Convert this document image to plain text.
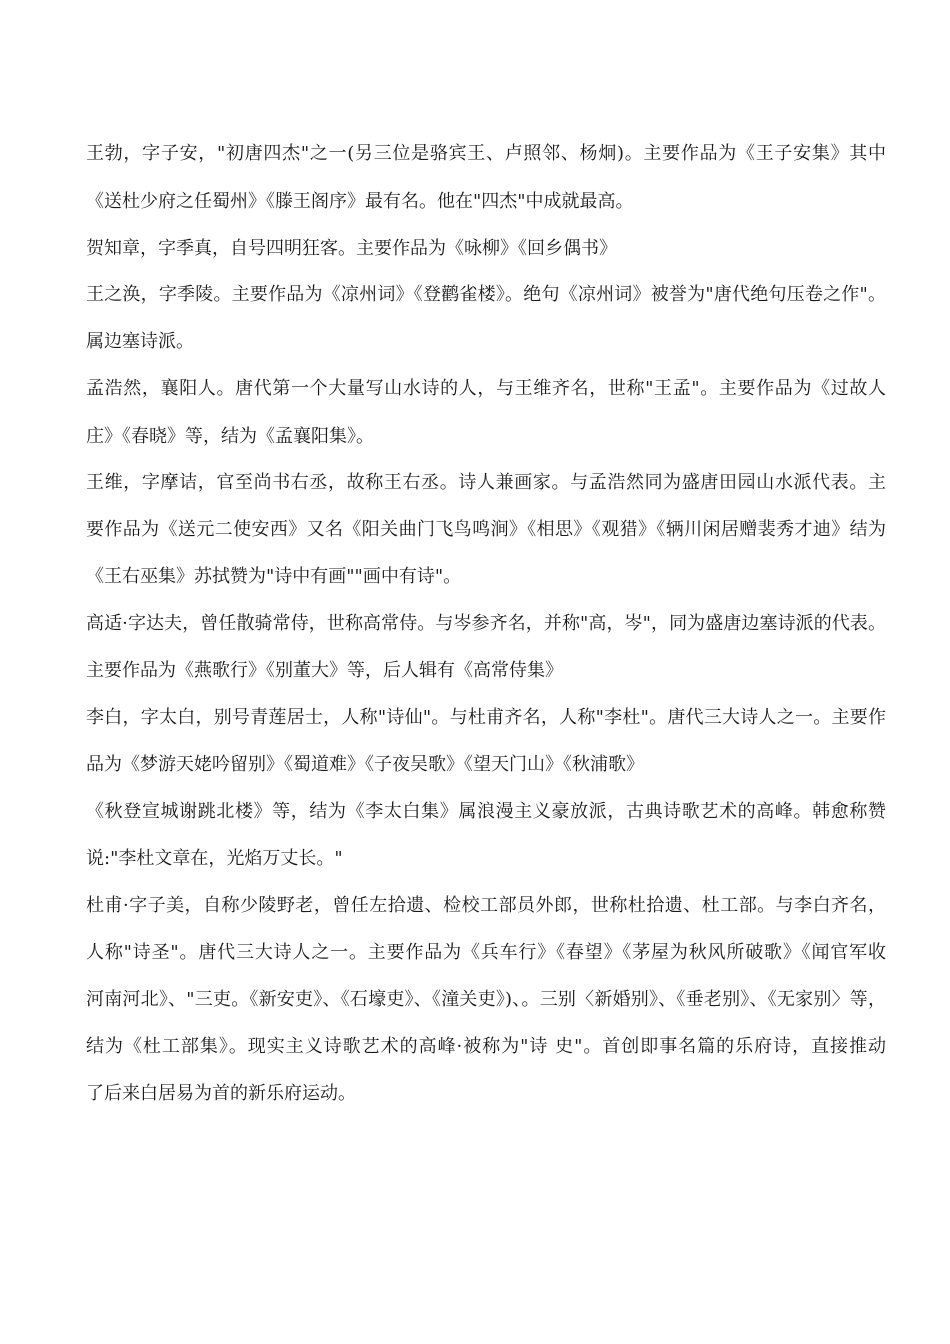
王勃，字子安，"初唐四杰"之一(另三位是骆宾王、卢照邻、杨炯)。主要作品为《王子安集》其中
《送杜少府之任蜀州》《滕王阁序》最有名。他在"四杰"中成就最高。
贺知章，字季真，自号四明狂客。主要作品为《咏柳》《回乡偶书》
王之涣，字季陵。主要作品为《凉州词》《登鹳雀楼》。绝句《凉州词》被誉为"唐代绝句压卷之作"。
属边塞诗派。
孟浩然，襄阳人。唐代第一个大量写山水诗的人，与王维齐名，世称"王孟"。主要作品为《过故人
庄》《春晓》等，结为《孟襄阳集》。
王维，字摩诘，官至尚书右丞，故称王右丞。诗人兼画家。与孟浩然同为盛唐田园山水派代表。主
要作品为《送元二使安西》又名《阳关曲门飞鸟鸣涧》《相思》《观猎》《辆川闲居赠裴秀才迪》结为
《王右巫集》苏拭赞为"诗中有画""画中有诗"。
高适·字达夫，曾任散骑常侍，世称高常侍。与岑参齐名，并称"高，岑"，同为盛唐边塞诗派的代表。
主要作品为《燕歌行》《别董大》等，后人辑有《高常侍集》
李白，字太白，别号青莲居士，人称"诗仙"。与杜甫齐名，人称"李杜"。唐代三大诗人之一。主要作
品为《梦游天姥吟留别》《蜀道难》《子夜吴歌》《望天门山》《秋浦歌》
《秋登宣城谢跳北楼》等，结为《李太白集》属浪漫主义豪放派，古典诗歌艺术的高峰。韩愈称赞
说:"李杜文章在，光焰万丈长。"
杜甫·字子美，自称少陵野老，曾任左拾遗、检校工部员外郎，世称杜拾遗、杜工部。与李白齐名，
人称"诗圣"。唐代三大诗人之一。主要作品为《兵车行》《春望》《茅屋为秋风所破歌》《闻官军收
河南河北》、"三吏。《新安吏》、《石壕吏》、《潼关吏》)、。三别〈新婚别》、《垂老别》、《无家别〉等，
结为《杜工部集》。现实主义诗歌艺术的高峰·被称为"诗 史"。首创即事名篇的乐府诗，直接推动
了后来白居易为首的新乐府运动。
